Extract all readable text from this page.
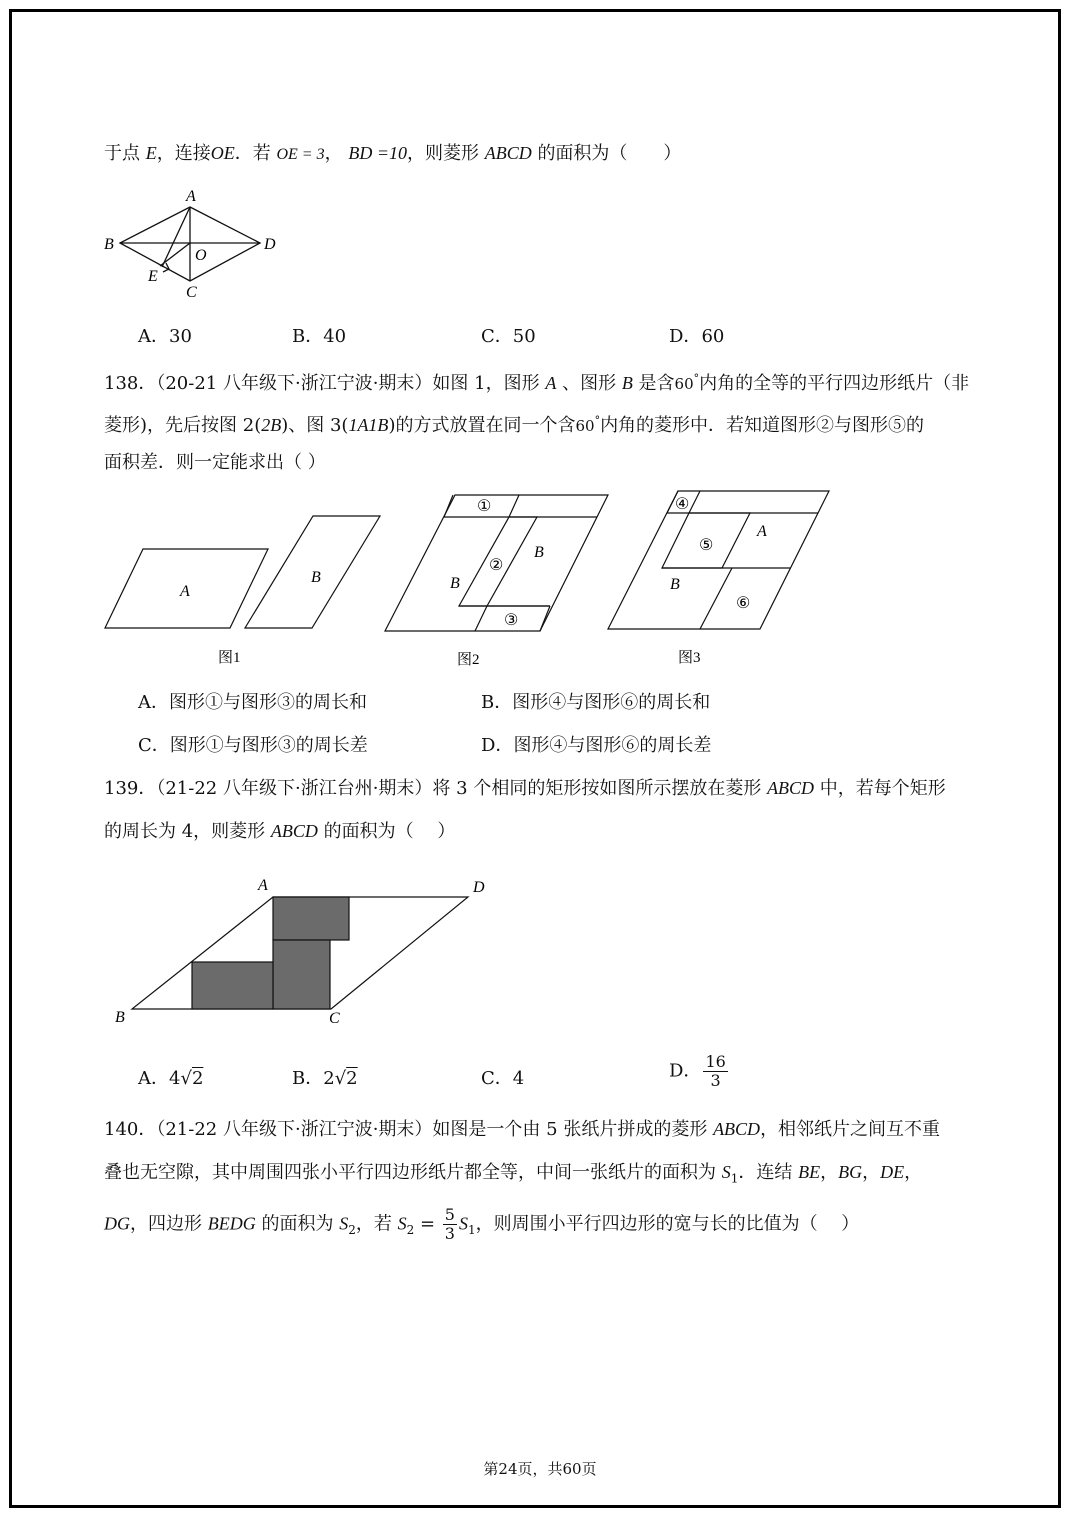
于点 E，连接OE．若 OE = 3， BD =10，则菱形 ABCD 的面积为（　　）
A
B	D
O
E
C
A．30	B．40	C．50	D．60
138．（20-21 八年级下·浙江宁波·期末）如图 1，图形 A 、图形 B 是含60°内角的全等的平行四边形纸片（非
菱形)，先后按图 2(2B)、图 3(1A1B)的方式放置在同一个含60°内角的菱形中．若知道图形②与图形⑤的
面积差．则一定能求出（ ）
A
B
B
B
A
B
①
②
③
④
⑤
⑥
图1	图2	图3
A．图形①与图形③的周长和	B．图形④与图形⑥的周长和
C．图形①与图形③的周长差	D．图形④与图形⑥的周长差
139．（21-22 八年级下·浙江台州·期末）将 3 个相同的矩形按如图所示摆放在菱形 ABCD 中，若每个矩形
的周长为 4，则菱形 ABCD 的面积为（　 ）
A	D
B	C
A．4√2	B．2√2	C．4	D． $\frac{16}{3}$
140．（21-22 八年级下·浙江宁波·期末）如图是一个由 5 张纸片拼成的菱形 ABCD，相邻纸片之间互不重
叠也无空隙，其中周围四张小平行四边形纸片都全等，中间一张纸片的面积为 $S_1$．连结 BE，BG，DE，
DG，四边形 BEDG 的面积为 $S_2$，若 $S_2 = \frac{5}{3} S_1$，则周围小平行四边形的宽与长的比值为（　 ）
第24页，共60页
